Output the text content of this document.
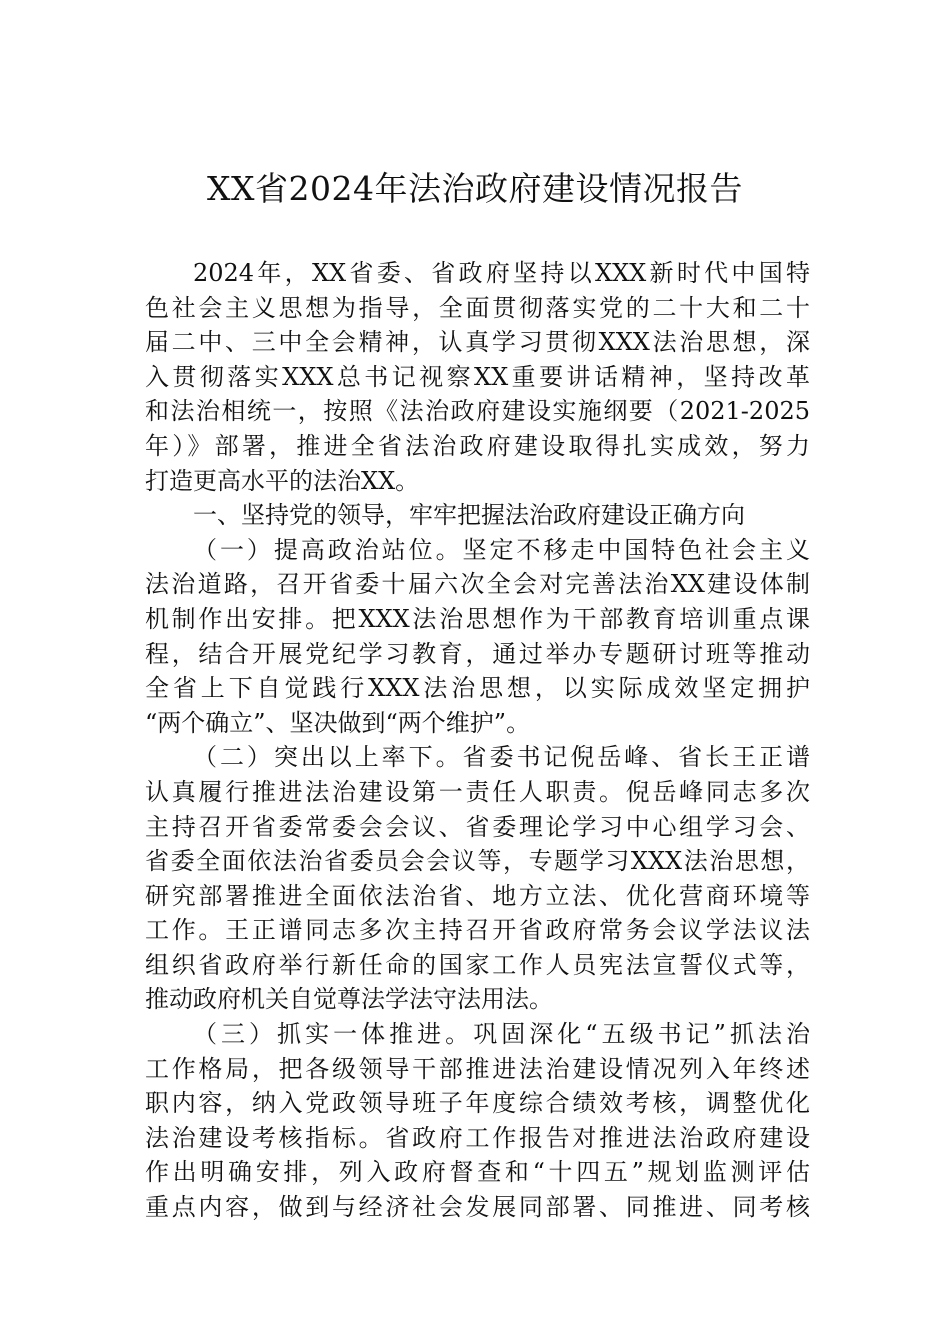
XX省2024年法治政府建设情况报告
2024年，XX省委、省政府坚持以XXX新时代中国特
色社会主义思想为指导，全面贯彻落实党的二十大和二十
届二中、三中全会精神，认真学习贯彻XXX法治思想，深
入贯彻落实XXX总书记视察XX重要讲话精神，坚持改革
和法治相统一，按照《法治政府建设实施纲要（2021-2025
年）》部署，推进全省法治政府建设取得扎实成效，努力
打造更高水平的法治XX。
一、坚持党的领导，牢牢把握法治政府建设正确方向
（一）提高政治站位。坚定不移走中国特色社会主义
法治道路，召开省委十届六次全会对完善法治XX建设体制
机制作出安排。把XXX法治思想作为干部教育培训重点课
程，结合开展党纪学习教育，通过举办专题研讨班等推动
全省上下自觉践行XXX法治思想，以实际成效坚定拥护
“两个确立”、坚决做到“两个维护”。
（二）突出以上率下。省委书记倪岳峰、省长王正谱
认真履行推进法治建设第一责任人职责。倪岳峰同志多次
主持召开省委常委会会议、省委理论学习中心组学习会、
省委全面依法治省委员会会议等，专题学习XXX法治思想，
研究部署推进全面依法治省、地方立法、优化营商环境等
工作。王正谱同志多次主持召开省政府常务会议学法议法
组织省政府举行新任命的国家工作人员宪法宣誓仪式等，
推动政府机关自觉尊法学法守法用法。
（三）抓实一体推进。巩固深化“五级书记”抓法治
工作格局，把各级领导干部推进法治建设情况列入年终述
职内容，纳入党政领导班子年度综合绩效考核，调整优化
法治建设考核指标。省政府工作报告对推进法治政府建设
作出明确安排，列入政府督查和“十四五”规划监测评估
重点内容，做到与经济社会发展同部署、同推进、同考核
